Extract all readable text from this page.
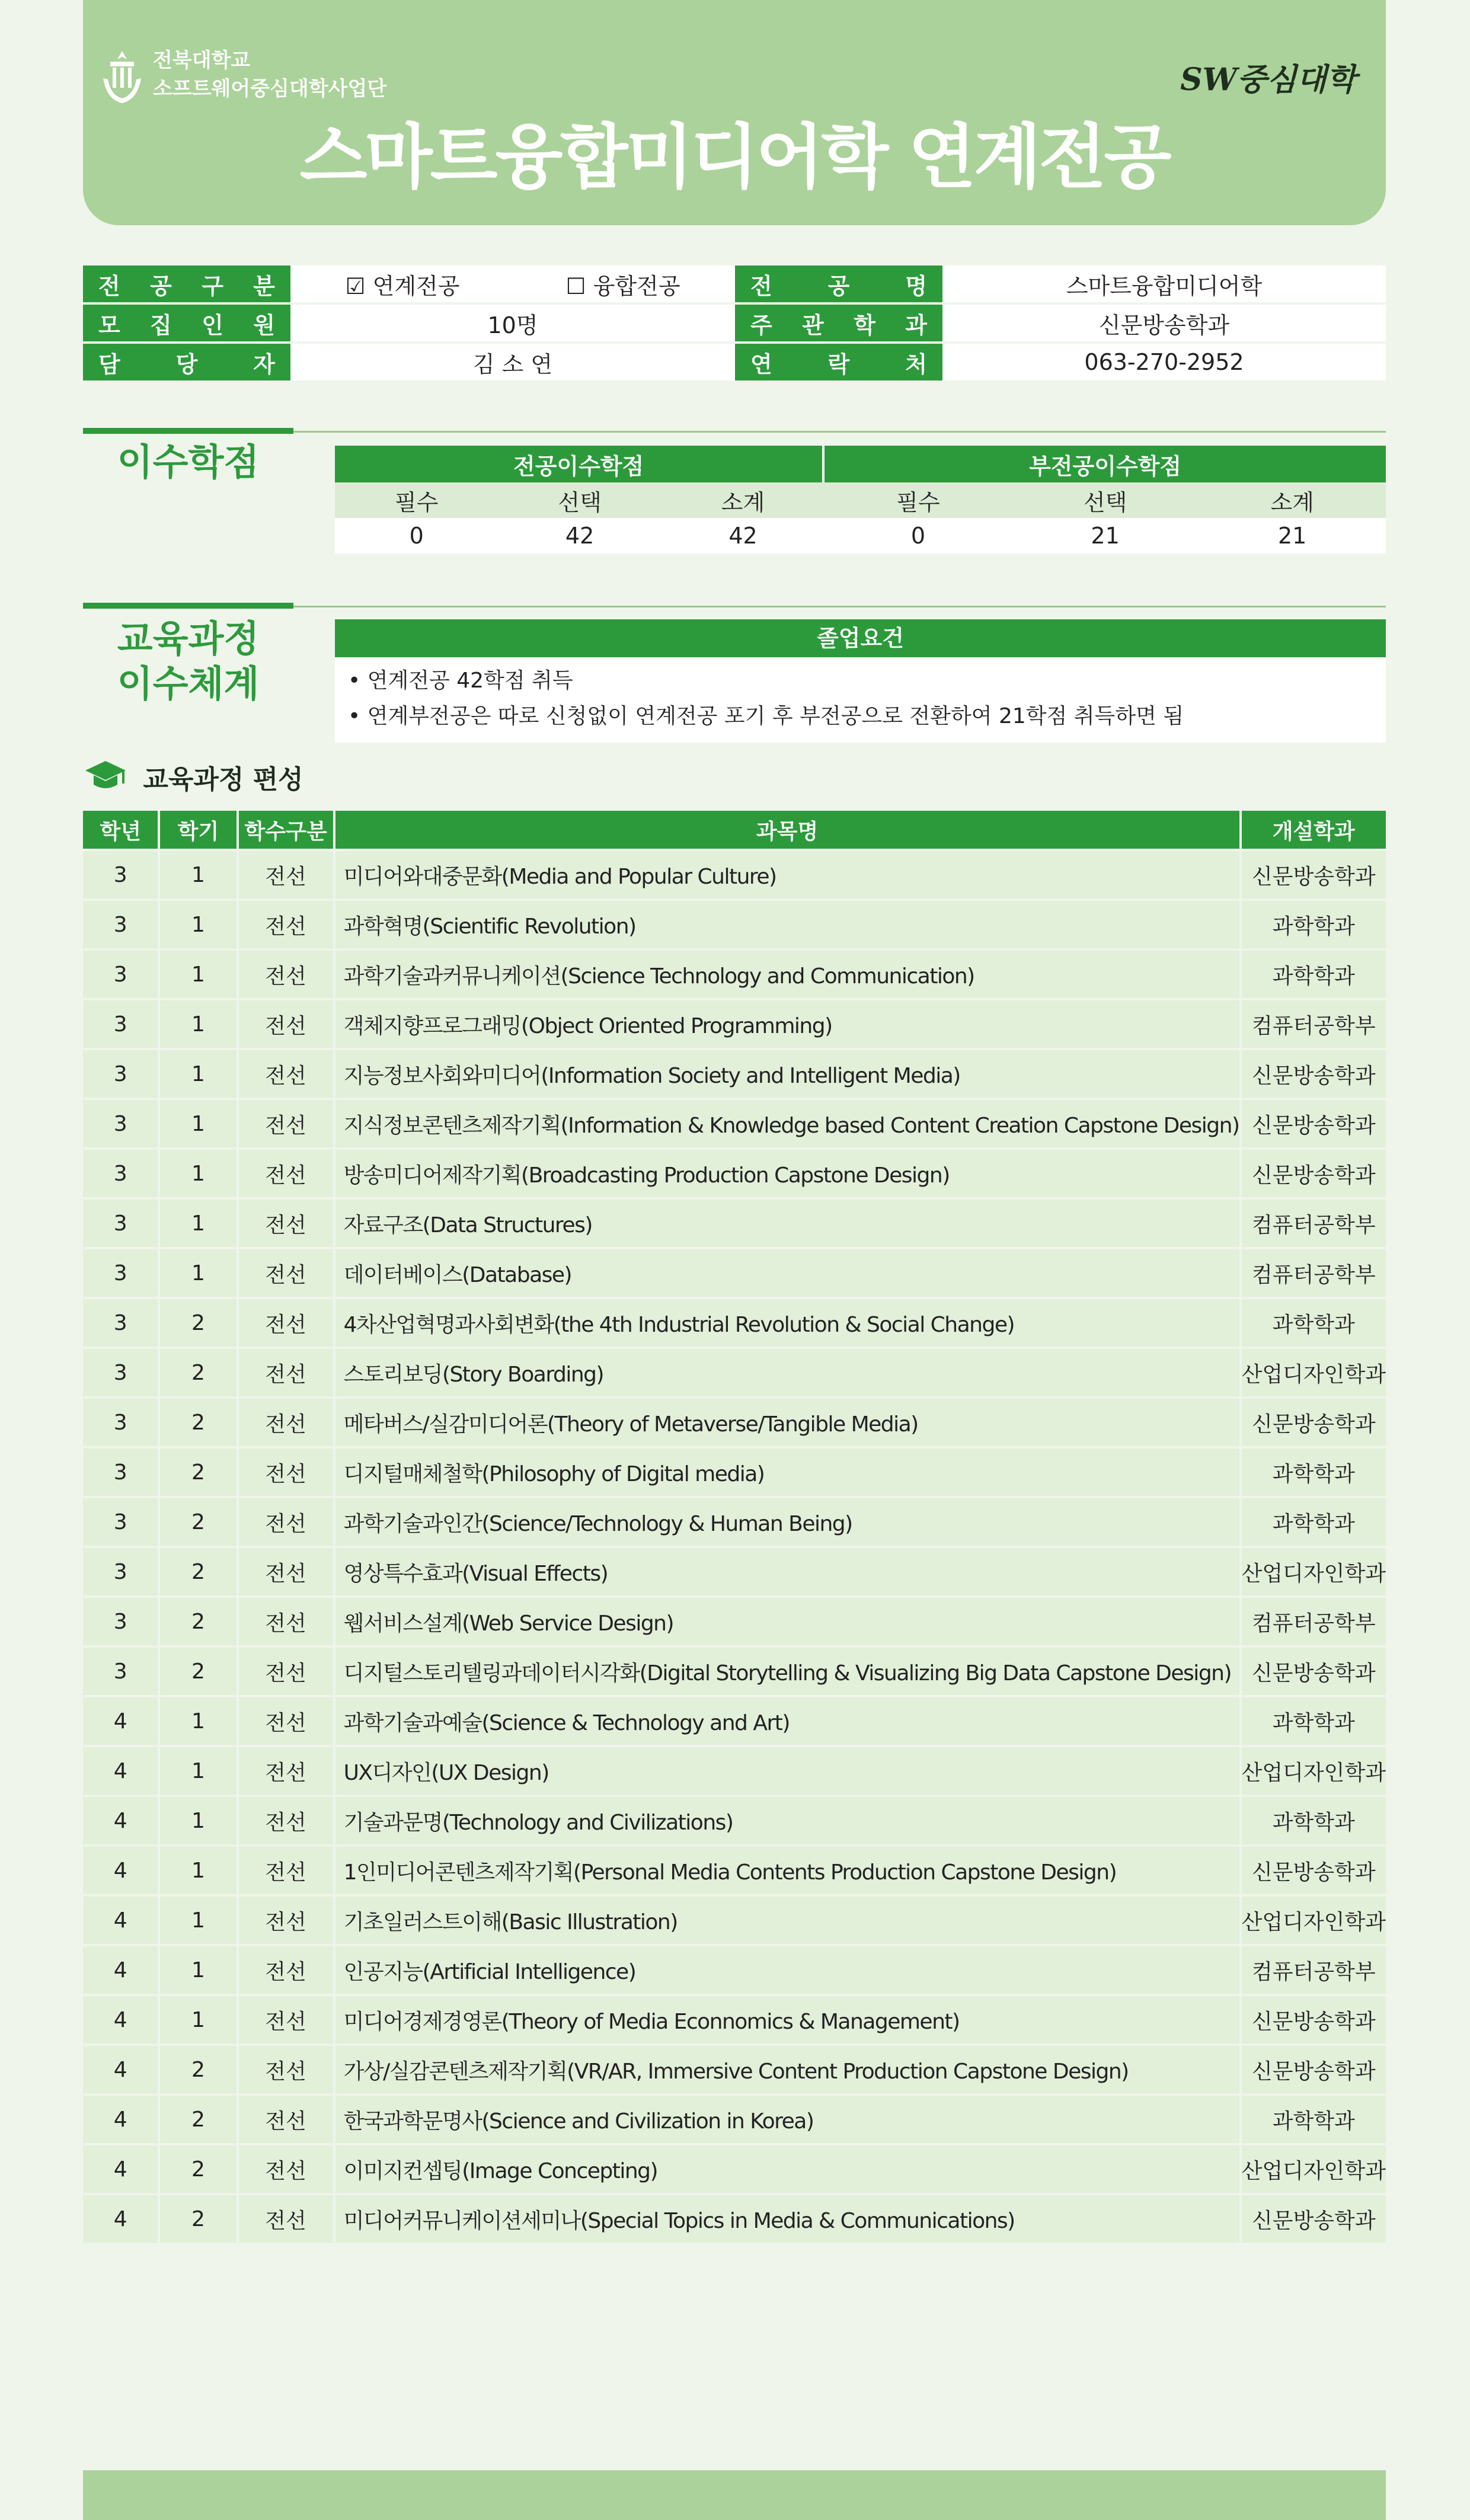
전북대학교
소프트웨어중심대학사업단	SW중심대학
스마트융합미디어학 연계전공
전 공 구 분	☑ 연계전공 ☐ 융합전공	전 공 명	스마트융합미디어학

모 집 인 원	10명	주 관 학 과	신문방송학과

담 당 자	김 소 연	연 락 처	063-270-2952
이수학점	전공이수학점			부전공이수학점		
필수	선택	소계	필수	선택	소계
0	42	42	0	21	21
교육과정
이수체계
졸업요건
• 연계전공 42학점 취득
• 연계부전공은 따로 신청없이 연계전공 포기 후 부전공으로 전환하여 21학점 취득하면 됨
교육과정 편성
학년	학기	학수구분	과목명	개설학과
3	1	전선	미디어와대중문화(Media and Popular Culture)	신문방송학과
3	1	전선	과학혁명(Scientific Revolution)	과학학과
3	1	전선	과학기술과커뮤니케이션(Science Technology and Communication)	과학학과
3	1	전선	객체지향프로그래밍(Object Oriented Programming)	컴퓨터공학부
3	1	전선	지능정보사회와미디어(Information Society and Intelligent Media)	신문방송학과
3	1	전선	지식정보콘텐츠제작기획(Information & Knowledge based Content Creation Capstone Design)	신문방송학과
3	1	전선	방송미디어제작기획(Broadcasting Production Capstone Design)	신문방송학과
3	1	전선	자료구조(Data Structures)	컴퓨터공학부
3	1	전선	데이터베이스(Database)	컴퓨터공학부
3	2	전선	4차산업혁명과사회변화(the 4th Industrial Revolution & Social Change)	과학학과
3	2	전선	스토리보딩(Story Boarding)	산업디자인학과
3	2	전선	메타버스/실감미디어론(Theory of Metaverse/Tangible Media)	신문방송학과
3	2	전선	디지털매체철학(Philosophy of Digital media)	과학학과
3	2	전선	과학기술과인간(Science/Technology & Human Being)	과학학과
3	2	전선	영상특수효과(Visual Effects)	산업디자인학과
3	2	전선	웹서비스설계(Web Service Design)	컴퓨터공학부
3	2	전선	디지털스토리텔링과데이터시각화(Digital Storytelling & Visualizing Big Data Capstone Design)	신문방송학과
4	1	전선	과학기술과예술(Science & Technology and Art)	과학학과
4	1	전선	UX디자인(UX Design)	산업디자인학과
4	1	전선	기술과문명(Technology and Civilizations)	과학학과
4	1	전선	1인미디어콘텐츠제작기획(Personal Media Contents Production Capstone Design)	신문방송학과
4	1	전선	기초일러스트이해(Basic Illustration)	산업디자인학과
4	1	전선	인공지능(Artificial Intelligence)	컴퓨터공학부
4	1	전선	미디어경제경영론(Theory of Media Econnomics & Management)	신문방송학과
4	2	전선	가상/실감콘텐츠제작기획(VR/AR, Immersive Content Production Capstone Design)	신문방송학과
4	2	전선	한국과학문명사(Science and Civilization in Korea)	과학학과
4	2	전선	이미지컨셉팅(Image Concepting)	산업디자인학과
4	2	전선	미디어커뮤니케이션세미나(Special Topics in Media & Communications)	신문방송학과
